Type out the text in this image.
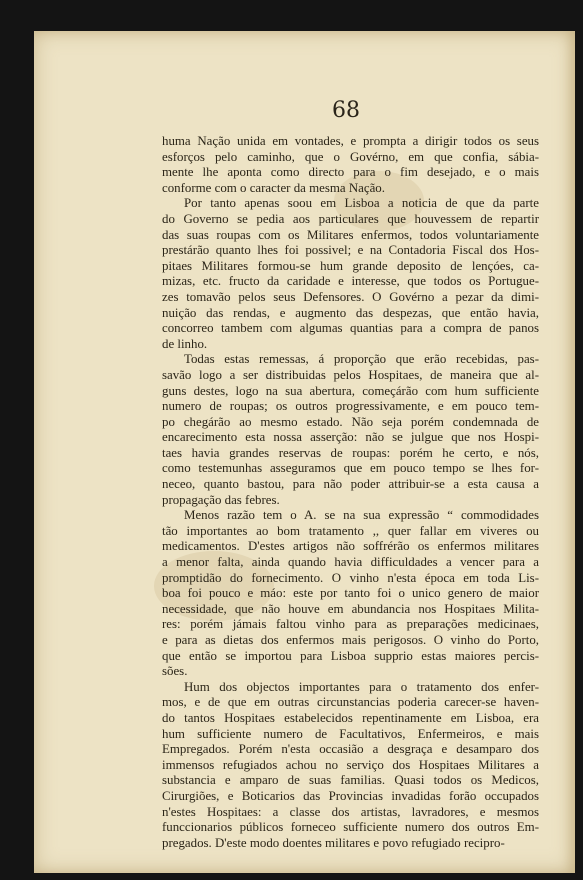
68
huma Nação unida em vontades, e prompta a dirigir todos os seus
esforços pelo caminho, que o Govérno, em que confia, sábia-
mente lhe aponta como directo para o fim desejado, e o mais
conforme com o caracter da mesma Nação.
Por tanto apenas soou em Lisboa a noticia de que da parte
do Governo se pedia aos particulares que houvessem de repartir
das suas roupas com os Militares enfermos, todos voluntariamente
prestárão quanto lhes foi possivel; e na Contadoria Fiscal dos Hos-
pitaes Militares formou-se hum grande deposito de lençóes, ca-
mizas, etc. fructo da caridade e interesse, que todos os Portugue-
zes tomavão pelos seus Defensores. O Govérno a pezar da dimi-
nuição das rendas, e augmento das despezas, que então havia,
concorreo tambem com algumas quantias para a compra de panos
de linho.
Todas estas remessas, á proporção que erão recebidas, pas-
savão logo a ser distribuidas pelos Hospitaes, de maneira que al-
guns destes, logo na sua abertura, começárão com hum sufficiente
numero de roupas; os outros progressivamente, e em pouco tem-
po chegárão ao mesmo estado. Não seja porém condemnada de
encarecimento esta nossa asserção: não se julgue que nos Hospi-
taes havia grandes reservas de roupas: porém he certo, e nós,
como testemunhas asseguramos que em pouco tempo se lhes for-
neceo, quanto bastou, para não poder attribuir-se a esta causa a
propagação das febres.
Menos razão tem o A. se na sua expressão “ commodidades
tão importantes ao bom tratamento ,, quer fallar em viveres ou
medicamentos. D'estes artigos não soffrérão os enfermos militares
a menor falta, ainda quando havia difficuldades a vencer para a
promptidão do fornecimento. O vinho n'esta época em toda Lis-
boa foi pouco e máo: este por tanto foi o unico genero de maior
necessidade, que não houve em abundancia nos Hospitaes Milita-
res: porém jámais faltou vinho para as preparações medicinaes,
e para as dietas dos enfermos mais perigosos. O vinho do Porto,
que então se importou para Lisboa supprio estas maiores percis-
sões.
Hum dos objectos importantes para o tratamento dos enfer-
mos, e de que em outras circunstancias poderia carecer-se haven-
do tantos Hospitaes estabelecidos repentinamente em Lisboa, era
hum sufficiente numero de Facultativos, Enfermeiros, e mais
Empregados. Porém n'esta occasião a desgraça e desamparo dos
immensos refugiados achou no serviço dos Hospitaes Militares a
substancia e amparo de suas familias. Quasi todos os Medicos,
Cirurgiões, e Boticarios das Provincias invadidas forão occupados
n'estes Hospitaes: a classe dos artistas, lavradores, e mesmos
funccionarios públicos forneceo sufficiente numero dos outros Em-
pregados. D'este modo doentes militares e povo refugiado recipro-
